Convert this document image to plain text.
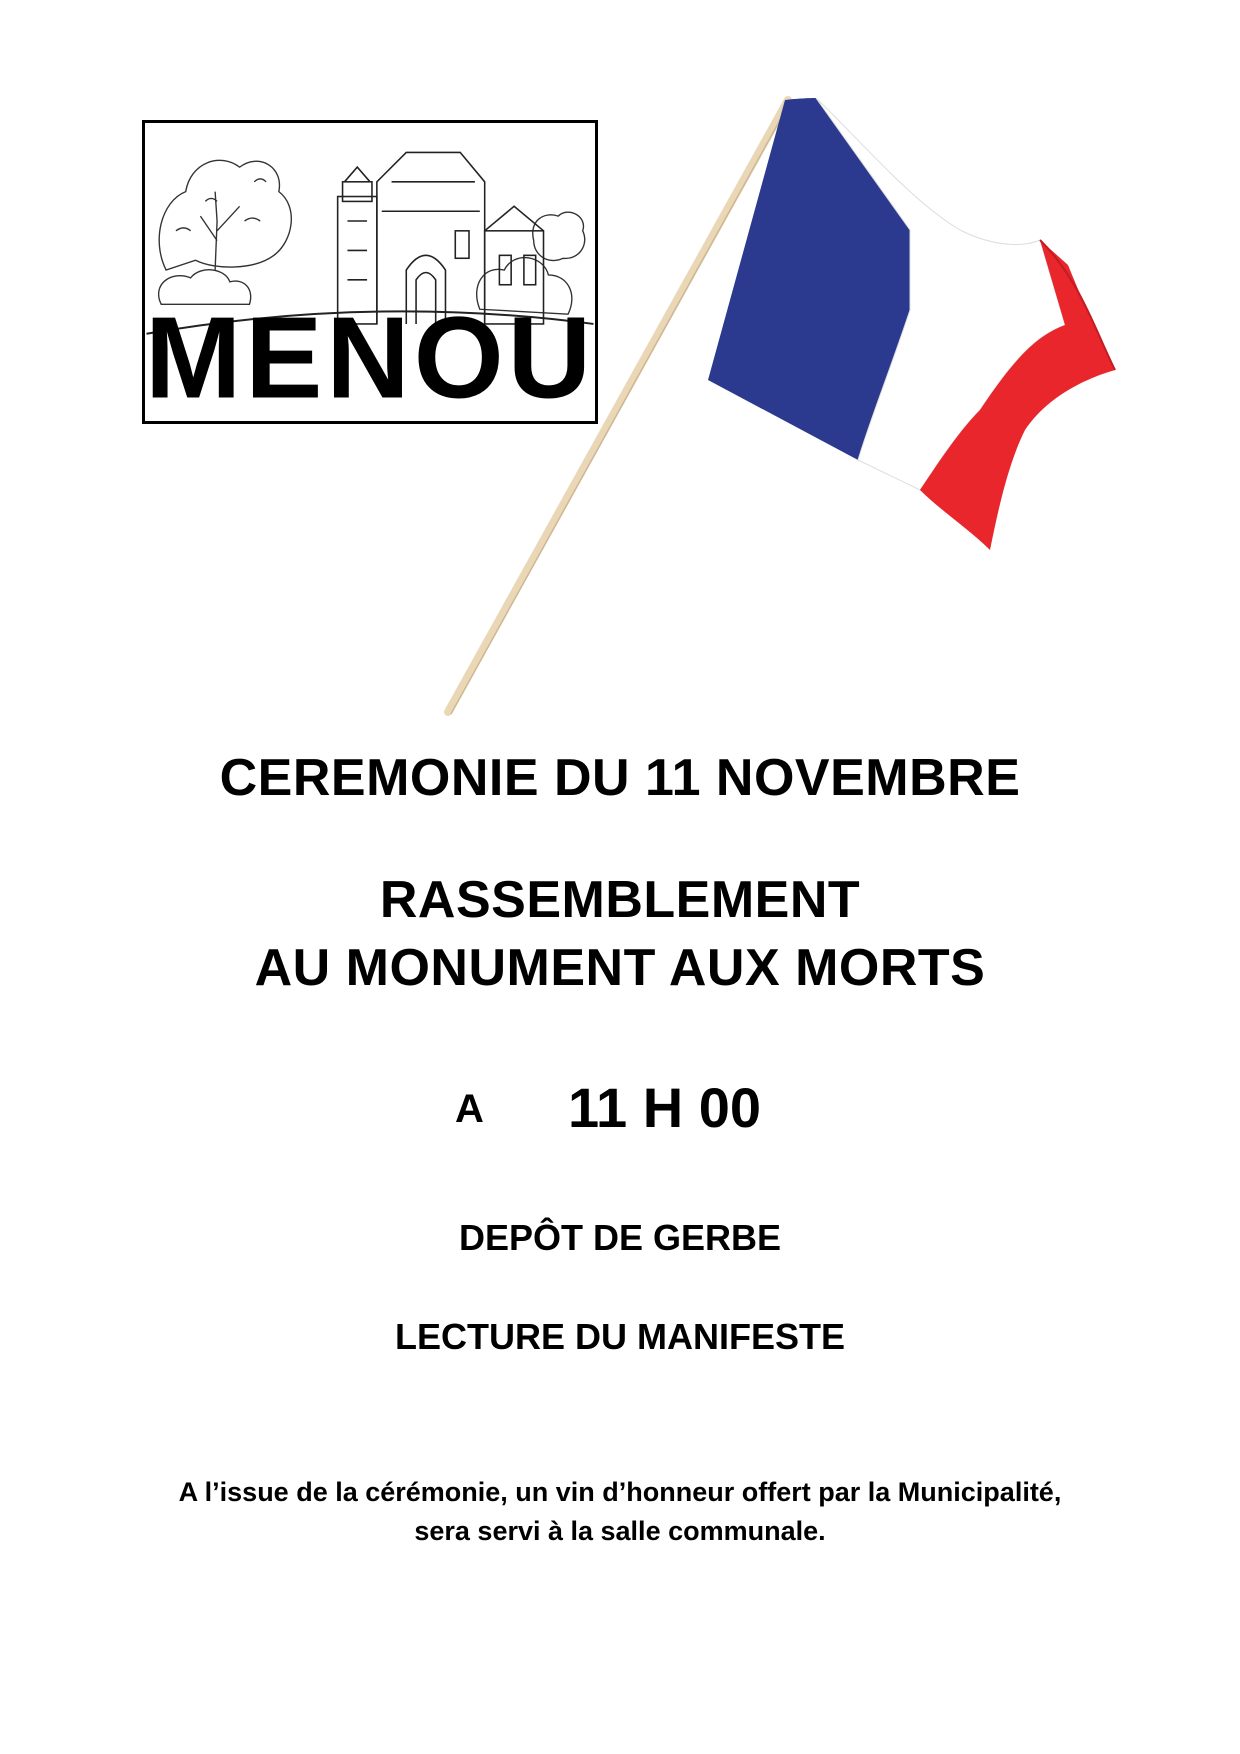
MENOU
CEREMONIE DU 11 NOVEMBRE
RASSEMBLEMENT
AU MONUMENT AUX MORTS
A 11 H 00
DEPÔT DE GERBE
LECTURE DU MANIFESTE
A l’issue de la cérémonie, un vin d’honneur offert par la Municipalité,
sera servi à la salle communale.
